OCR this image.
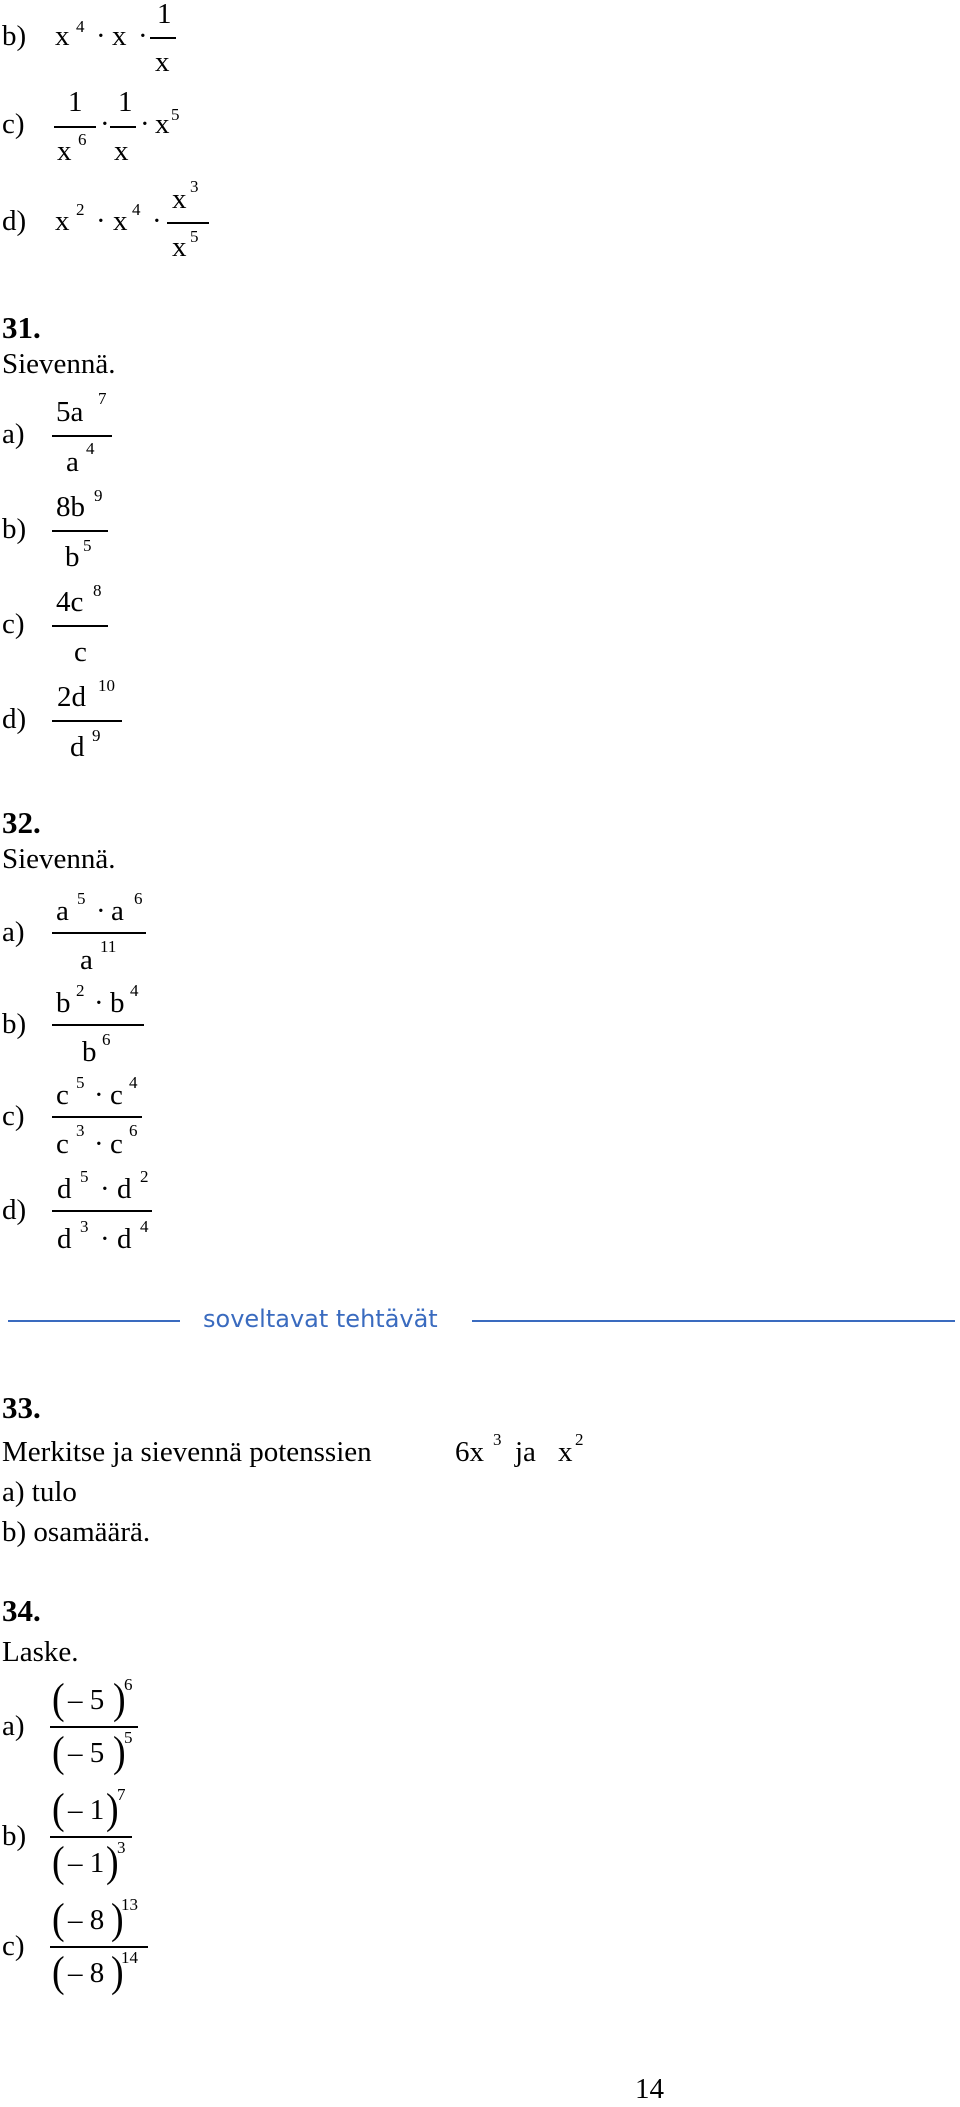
b) x 4 · x ·
1
x
c)
1
x 6 ·
1
x
· x 5
d) x 2 · x 4 ·
x 3
x 5
31.
Sievennä.
a)
5a 7
a 4
b)
8b 9
b 5
c)
4c 8
c
d)
2d 10
d 9
32.
Sievennä.
a)
a 5 · a 6
a 11
b)
b 2 · b 4
b 6
c)
c 5 · c 4
c 3 · c 6
d)
d 5 · d 2
d 3 · d 4
soveltavat tehtävät
33.
Merkitse ja sievennä potenssien	6x 3 ja x 2
a) tulo
b) osamäärä.
34.
Laske.
a)
( – 5 )
6
( – 5 )
5
b)
( – 1 )
7
( – 1 )
3
c)
( – 8 )
13
( – 8 )
14
14
